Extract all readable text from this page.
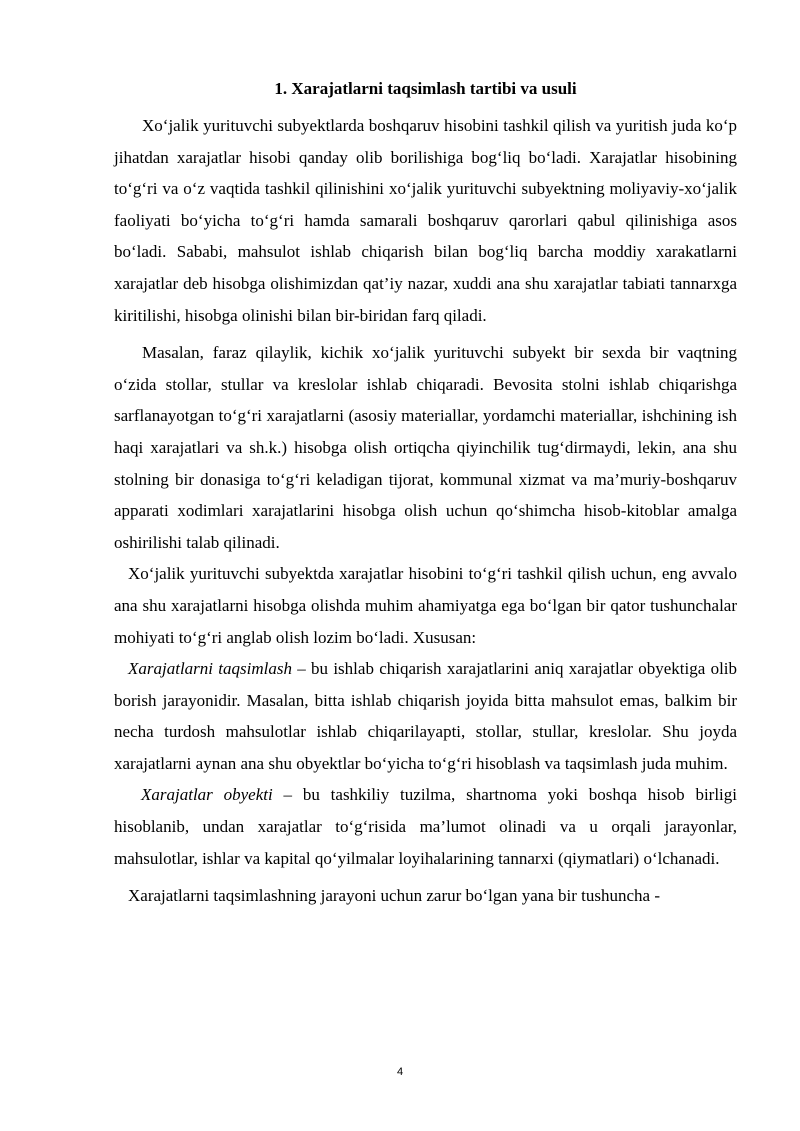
1. Xarajatlarni taqsimlash tartibi va usuli

Xo‘jalik yurituvchi subyektlarda boshqaruv hisobini tashkil qilish va yuritish juda ko‘p jihatdan xarajatlar hisobi qanday olib borilishiga bog‘liq bo‘ladi. Xarajatlar hisobining to‘g‘ri va o‘z vaqtida tashkil qilinishini xo‘jalik yurituvchi subyektning moliyaviy-xo‘jalik faoliyati bo‘yicha to‘g‘ri hamda samarali boshqaruv qarorlari qabul qilinishiga asos bo‘ladi. Sababi, mahsulot ishlab chiqarish bilan bog‘liq barcha moddiy xarakatlarni xarajatlar deb hisobga olishimizdan qat’iy nazar, xuddi ana shu xarajatlar tabiati tannarxga kiritilishi, hisobga olinishi bilan bir-biridan farq qiladi.

Masalan, faraz qilaylik, kichik xo‘jalik yurituvchi subyekt bir sexda bir vaqtning o‘zida stollar, stullar va kreslolar ishlab chiqaradi. Bevosita stolni ishlab chiqarishga sarflanayotgan to‘g‘ri xarajatlarni (asosiy materiallar, yordamchi materiallar, ishchining ish haqi xarajatlari va sh.k.) hisobga olish ortiqcha qiyinchilik tug‘dirmaydi, lekin, ana shu stolning bir donasiga to‘g‘ri keladigan tijorat, kommunal xizmat va ma’muriy-boshqaruv apparati xodimlari xarajatlarini hisobga olish uchun qo‘shimcha hisob-kitoblar amalga oshirilishi talab qilinadi.

Xo‘jalik yurituvchi subyektda xarajatlar hisobini to‘g‘ri tashkil qilish uchun, eng avvalo ana shu xarajatlarni hisobga olishda muhim ahamiyatga ega bo‘lgan bir qator tushunchalar mohiyati to‘g‘ri anglab olish lozim bo‘ladi. Xususan:

Xarajatlarni taqsimlash – bu ishlab chiqarish xarajatlarini aniq xarajatlar obyektiga olib borish jarayonidir. Masalan, bitta ishlab chiqarish joyida bitta mahsulot emas, balkim bir necha turdosh mahsulotlar ishlab chiqarilayapti, stollar, stullar, kreslolar. Shu joyda xarajatlarni aynan ana shu obyektlar bo‘yicha to‘g‘ri hisoblash va taqsimlash juda muhim.

Xarajatlar obyekti – bu tashkiliy tuzilma, shartnoma yoki boshqa hisob birligi hisoblanib, undan xarajatlar to‘g‘risida ma’lumot olinadi va u orqali jarayonlar, mahsulotlar, ishlar va kapital qo‘yilmalar loyihalarining tannarxi (qiymatlari) o‘lchanadi.

Xarajatlarni taqsimlashning jarayoni uchun zarur bo‘lgan yana bir tushuncha -

4
